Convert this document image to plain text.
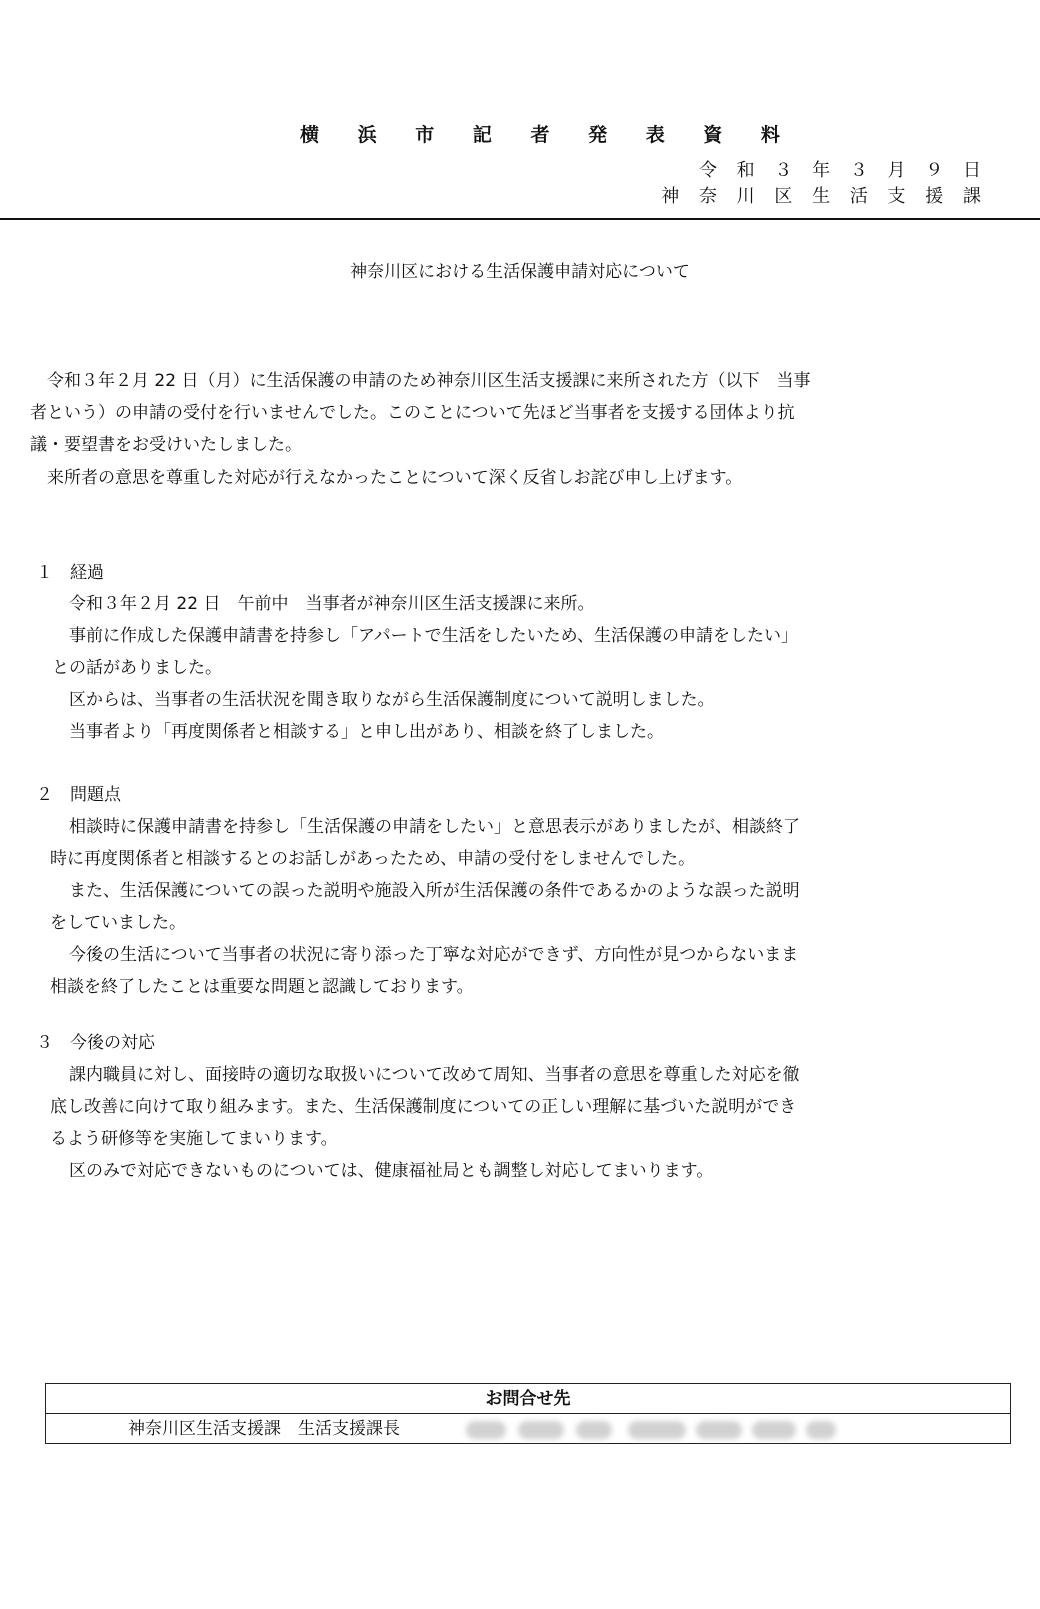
横 浜 市 記 者 発 表 資 料
令 和 ３ 年 ３ 月 ９ 日
神 奈 川 区 生 活 支 援 課
神奈川区における生活保護申請対応について
　令和３年２月 22 日（月）に生活保護の申請のため神奈川区生活支援課に来所された方（以下　当事
者という）の申請の受付を行いませんでした。このことについて先ほど当事者を支援する団体より抗
議・要望書をお受けいたしました。
　来所者の意思を尊重した対応が行えなかったことについて深く反省しお詫び申し上げます。
１ 経過
令和３年２月 22 日　午前中　当事者が神奈川区生活支援課に来所。
事前に作成した保護申請書を持参し「アパートで生活をしたいため、生活保護の申請をしたい」
との話がありました。
区からは、当事者の生活状況を聞き取りながら生活保護制度について説明しました。
当事者より「再度関係者と相談する」と申し出があり、相談を終了しました。
２ 問題点
相談時に保護申請書を持参し「生活保護の申請をしたい」と意思表示がありましたが、相談終了
時に再度関係者と相談するとのお話しがあったため、申請の受付をしませんでした。
また、生活保護についての誤った説明や施設入所が生活保護の条件であるかのような誤った説明
をしていました。
今後の生活について当事者の状況に寄り添った丁寧な対応ができず、方向性が見つからないまま
相談を終了したことは重要な問題と認識しております。
３ 今後の対応
課内職員に対し、面接時の適切な取扱いについて改めて周知、当事者の意思を尊重した対応を徹
底し改善に向けて取り組みます。また、生活保護制度についての正しい理解に基づいた説明ができ
るよう研修等を実施してまいります。
区のみで対応できないものについては、健康福祉局とも調整し対応してまいります。
お問合せ先
神奈川区生活支援課　生活支援課長
